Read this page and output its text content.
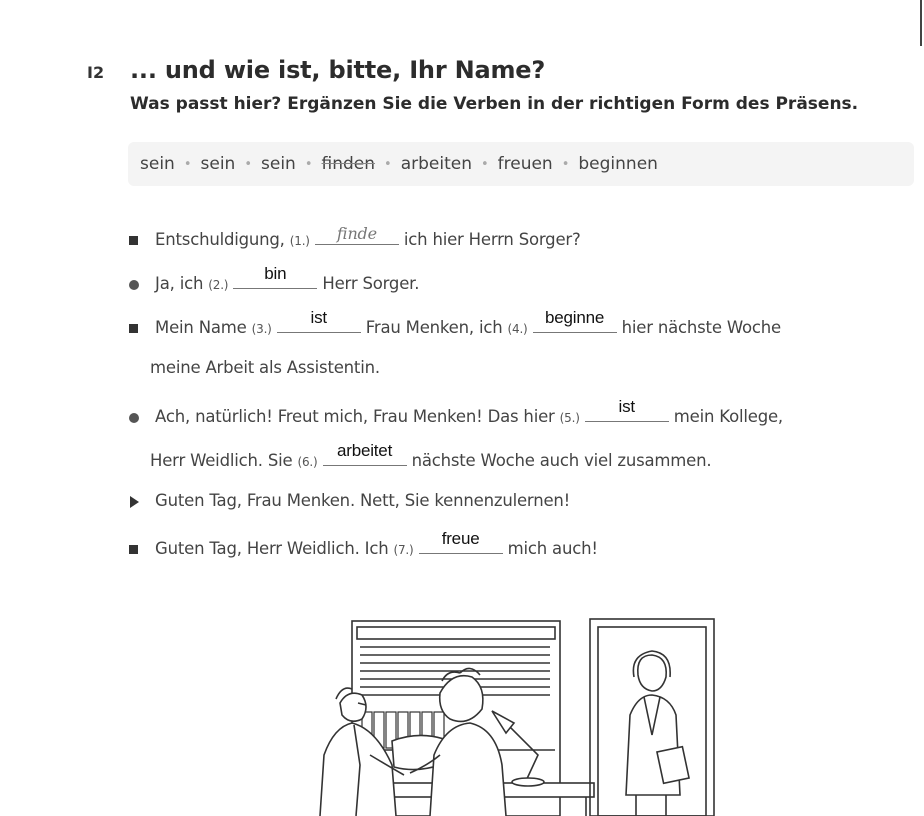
I2 ... und wie ist, bitte, Ihr Name?
Was passt hier? Ergänzen Sie die Verben in der richtigen Form des Präsens.
sein • sein • sein • finden • arbeiten • freuen • beginnen
Entschuldigung, (1.)	finde	ich hier Herrn Sorger?
Ja, ich (2.)
bin
Herr Sorger.
Mein Name (3.)
ist
Frau Menken, ich (4.)
beginne
hier nächste Woche
meine Arbeit als Assistentin.
Ach, natürlich! Freut mich, Frau Menken! Das hier (5.)
ist
mein Kollege,
Herr Weidlich. Sie (6.)
arbeitet
nächste Woche auch viel zusammen.
Guten Tag, Frau Menken. Nett, Sie kennenzulernen!
Guten Tag, Herr Weidlich. Ich (7.)
freue
mich auch!
